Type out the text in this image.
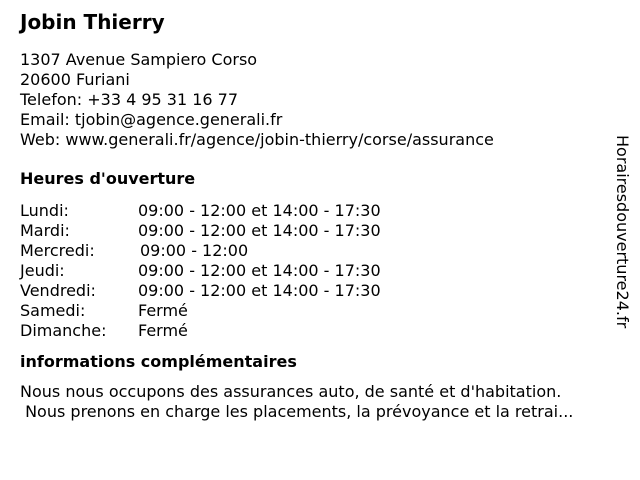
Jobin Thierry
1307 Avenue Sampiero Corso
20600 Furiani
Telefon: +33 4 95 31 16 77
Email: tjobin@agence.generali.fr
Web: www.generali.fr/agence/jobin-thierry/corse/assurance
Heures d'ouverture
Lundi:	09:00 - 12:00 et 14:00 - 17:30
Mardi:	09:00 - 12:00 et 14:00 - 17:30
Mercredi:	09:00 - 12:00
Jeudi:	09:00 - 12:00 et 14:00 - 17:30
Vendredi:	09:00 - 12:00 et 14:00 - 17:30
Samedi:	Fermé
Dimanche: Fermé
informations complémentaires
Nous nous occupons des assurances auto, de santé et d'habitation.
Nous prenons en charge les placements, la prévoyance et la retrai...
Horairesdouverture24.fr
